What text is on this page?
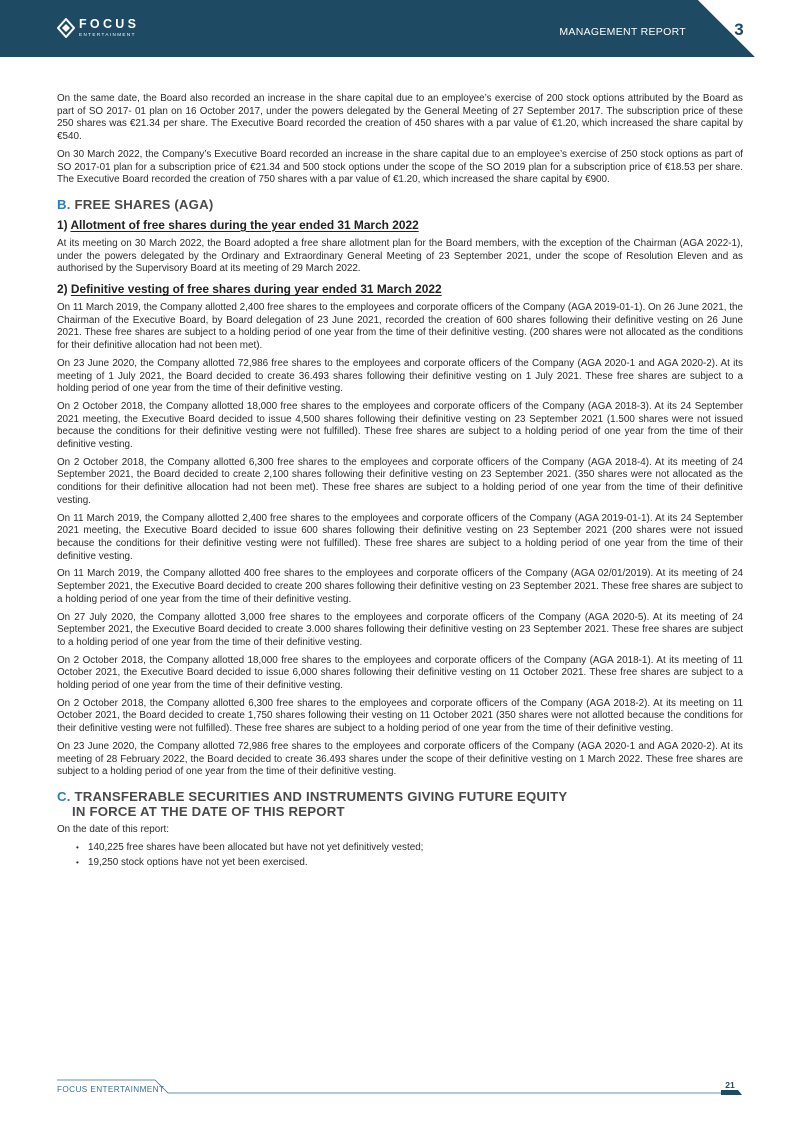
FOCUS
ENTERTAINMENT	MANAGEMENT REPORT	3

On the same date, the Board also recorded an increase in the share capital due to an employee’s exercise of 200 stock options attributed by the Board as part of SO 2017- 01 plan on 16 October 2017, under the powers delegated by the General Meeting of 27 September 2017. The subscription price of these 250 shares was €21.34 per share. The Executive Board recorded the creation of 450 shares with a par value of €1.20, which increased the share capital by €540.

On 30 March 2022, the Company’s Executive Board recorded an increase in the share capital due to an employee’s exercise of 250 stock options as part of SO 2017-01 plan for a subscription price of €21.34 and 500 stock options under the scope of the SO 2019 plan for a subscription price of €18.53 per share. The Executive Board recorded the creation of 750 shares with a par value of €1.20, which increased the share capital by €900.

B. FREE SHARES (AGA)
1) Allotment of free shares during the year ended 31 March 2022

At its meeting on 30 March 2022, the Board adopted a free share allotment plan for the Board members, with the exception of the Chairman (AGA 2022-1), under the powers delegated by the Ordinary and Extraordinary General Meeting of 23 September 2021, under the scope of Resolution Eleven and as authorised by the Supervisory Board at its meeting of 29 March 2022.

2) Definitive vesting of free shares during year ended 31 March 2022

On 11 March 2019, the Company allotted 2,400 free shares to the employees and corporate officers of the Company (AGA 2019-01-1). On 26 June 2021, the Chairman of the Executive Board, by Board delegation of 23 June 2021, recorded the creation of 600 shares following their definitive vesting on 26 June 2021. These free shares are subject to a holding period of one year from the time of their definitive vesting. (200 shares were not allocated as the conditions for their definitive allocation had not been met).

On 23 June 2020, the Company allotted 72,986 free shares to the employees and corporate officers of the Company (AGA 2020-1 and AGA 2020-2). At its meeting of 1 July 2021, the Board decided to create 36.493 shares following their definitive vesting on 1 July 2021. These free shares are subject to a holding period of one year from the time of their definitive vesting.

On 2 October 2018, the Company allotted 18,000 free shares to the employees and corporate officers of the Company (AGA 2018-3). At its 24 September 2021 meeting, the Executive Board decided to issue 4,500 shares following their definitive vesting on 23 September 2021 (1.500 shares were not issued because the conditions for their definitive vesting were not fulfilled). These free shares are subject to a holding period of one year from the time of their definitive vesting.

On 2 October 2018, the Company allotted 6,300 free shares to the employees and corporate officers of the Company (AGA 2018-4). At its meeting of 24 September 2021, the Board decided to create 2,100 shares following their definitive vesting on 23 September 2021. (350 shares were not allocated as the conditions for their definitive allocation had not been met). These free shares are subject to a holding period of one year from the time of their definitive vesting.

On 11 March 2019, the Company allotted 2,400 free shares to the employees and corporate officers of the Company (AGA 2019-01-1). At its 24 September 2021 meeting, the Executive Board decided to issue 600 shares following their definitive vesting on 23 September 2021 (200 shares were not issued because the conditions for their definitive vesting were not fulfilled). These free shares are subject to a holding period of one year from the time of their definitive vesting.

On 11 March 2019, the Company allotted 400 free shares to the employees and corporate officers of the Company (AGA 02/01/2019). At its meeting of 24 September 2021, the Executive Board decided to create 200 shares following their definitive vesting on 23 September 2021. These free shares are subject to a holding period of one year from the time of their definitive vesting.

On 27 July 2020, the Company allotted 3,000 free shares to the employees and corporate officers of the Company (AGA 2020-5). At its meeting of 24 September 2021, the Executive Board decided to create 3.000 shares following their definitive vesting on 23 September 2021. These free shares are subject to a holding period of one year from the time of their definitive vesting.

On 2 October 2018, the Company allotted 18,000 free shares to the employees and corporate officers of the Company (AGA 2018-1). At its meeting of 11 October 2021, the Executive Board decided to issue 6,000 shares following their definitive vesting on 11 October 2021. These free shares are subject to a holding period of one year from the time of their definitive vesting.

On 2 October 2018, the Company allotted 6,300 free shares to the employees and corporate officers of the Company (AGA 2018-2). At its meeting on 11 October 2021, the Board decided to create 1,750 shares following their vesting on 11 October 2021 (350 shares were not allotted because the conditions for their definitive vesting were not fulfilled). These free shares are subject to a holding period of one year from the time of their definitive vesting.

On 23 June 2020, the Company allotted 72,986 free shares to the employees and corporate officers of the Company (AGA 2020-1 and AGA 2020-2). At its meeting of 28 February 2022, the Board decided to create 36.493 shares under the scope of their definitive vesting on 1 March 2022. These free shares are subject to a holding period of one year from the time of their definitive vesting.

C. TRANSFERABLE SECURITIES AND INSTRUMENTS GIVING FUTURE EQUITY
IN FORCE AT THE DATE OF THIS REPORT

On the date of this report:

• 140,225 free shares have been allocated but have not yet definitively vested;
• 19,250 stock options have not yet been exercised.
FOCUS ENTERTAINMENT	21
